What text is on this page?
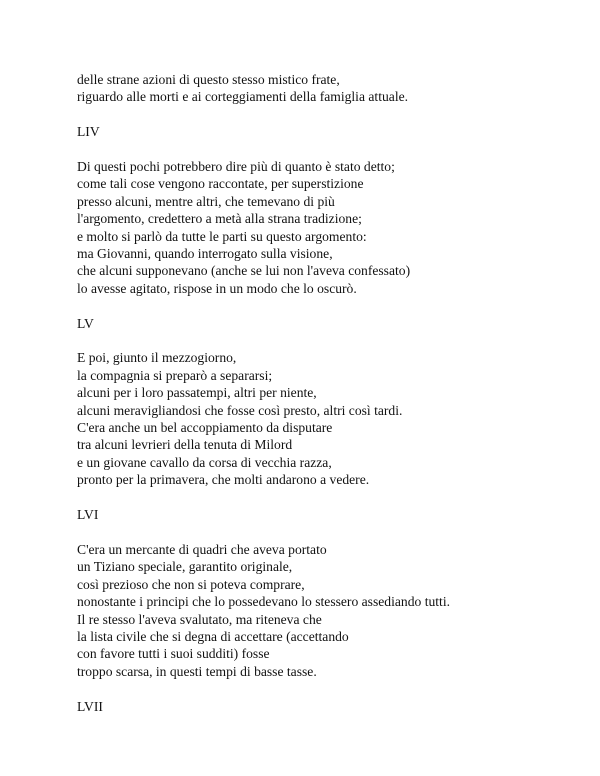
delle strane azioni di questo stesso mistico frate,
riguardo alle morti e ai corteggiamenti della famiglia attuale.
LIV
Di questi pochi potrebbero dire più di quanto è stato detto;
come tali cose vengono raccontate, per superstizione
presso alcuni, mentre altri, che temevano di più
l'argomento, credettero a metà alla strana tradizione;
e molto si parlò da tutte le parti su questo argomento:
ma Giovanni, quando interrogato sulla visione,
che alcuni supponevano (anche se lui non l'aveva confessato)
lo avesse agitato, rispose in un modo che lo oscurò.
LV
E poi, giunto il mezzogiorno,
la compagnia si preparò a separarsi;
alcuni per i loro passatempi, altri per niente,
alcuni meravigliandosi che fosse così presto, altri così tardi.
C'era anche un bel accoppiamento da disputare
tra alcuni levrieri della tenuta di Milord
e un giovane cavallo da corsa di vecchia razza,
pronto per la primavera, che molti andarono a vedere.
LVI
C'era un mercante di quadri che aveva portato
un Tiziano speciale, garantito originale,
così prezioso che non si poteva comprare,
nonostante i principi che lo possedevano lo stessero assediando tutti.
Il re stesso l'aveva svalutato, ma riteneva che
la lista civile che si degna di accettare (accettando
con favore tutti i suoi sudditi) fosse
troppo scarsa, in questi tempi di basse tasse.
LVII
